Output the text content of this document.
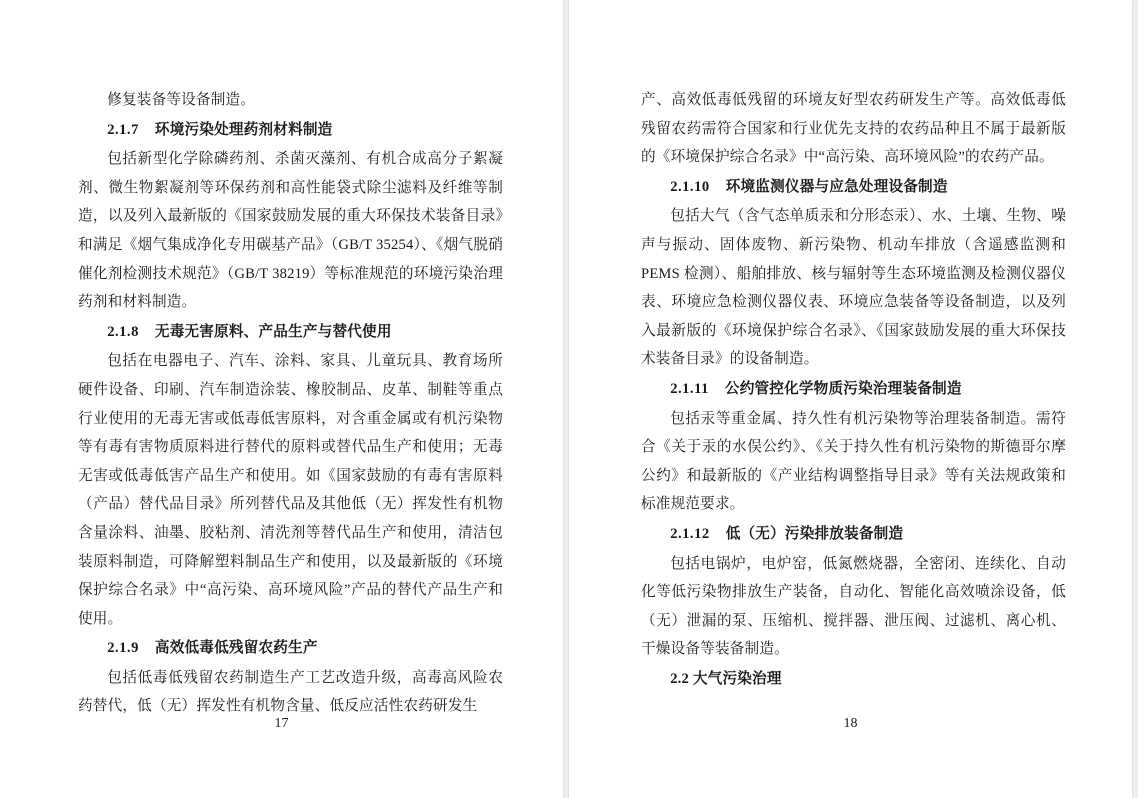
修复装备等设备制造。

2.1.7 环境污染处理药剂材料制造

包括新型化学除磷药剂、杀菌灭藻剂、有机合成高分子絮凝剂、微生物絮凝剂等环保药剂和高性能袋式除尘滤料及纤维等制造，以及列入最新版的《国家鼓励发展的重大环保技术装备目录》和满足《烟气集成净化专用碳基产品》（GB/T 35254）、《烟气脱硝催化剂检测技术规范》（GB/T 38219）等标准规范的环境污染治理药剂和材料制造。

2.1.8 无毒无害原料、产品生产与替代使用

包括在电器电子、汽车、涂料、家具、儿童玩具、教育场所硬件设备、印刷、汽车制造涂装、橡胶制品、皮革、制鞋等重点行业使用的无毒无害或低毒低害原料，对含重金属或有机污染物等有毒有害物质原料进行替代的原料或替代品生产和使用；无毒无害或低毒低害产品生产和使用。如《国家鼓励的有毒有害原料（产品）替代品目录》所列替代品及其他低（无）挥发性有机物含量涂料、油墨、胶粘剂、清洗剂等替代品生产和使用，清洁包装原料制造，可降解塑料制品生产和使用，以及最新版的《环境保护综合名录》中“高污染、高环境风险”产品的替代产品生产和使用。

2.1.9 高效低毒低残留农药生产

包括低毒低残留农药制造生产工艺改造升级，高毒高风险农药替代，低（无）挥发性有机物含量、低反应活性农药研发生

17

产、高效低毒低残留的环境友好型农药研发生产等。高效低毒低残留农药需符合国家和行业优先支持的农药品种且不属于最新版的《环境保护综合名录》中“高污染、高环境风险”的农药产品。

2.1.10 环境监测仪器与应急处理设备制造

包括大气（含气态单质汞和分形态汞）、水、土壤、生物、噪声与振动、固体废物、新污染物、机动车排放（含遥感监测和PEMS 检测）、船舶排放、核与辐射等生态环境监测及检测仪器仪表、环境应急检测仪器仪表、环境应急装备等设备制造，以及列入最新版的《环境保护综合名录》、《国家鼓励发展的重大环保技术装备目录》的设备制造。

2.1.11 公约管控化学物质污染治理装备制造

包括汞等重金属、持久性有机污染物等治理装备制造。需符合《关于汞的水俣公约》、《关于持久性有机污染物的斯德哥尔摩公约》和最新版的《产业结构调整指导目录》等有关法规政策和标准规范要求。

2.1.12 低（无）污染排放装备制造

包括电锅炉，电炉窑，低氮燃烧器，全密闭、连续化、自动化等低污染物排放生产装备，自动化、智能化高效喷涂设备，低（无）泄漏的泵、压缩机、搅拌器、泄压阀、过滤机、离心机、干燥设备等装备制造。

2.2 大气污染治理

18
